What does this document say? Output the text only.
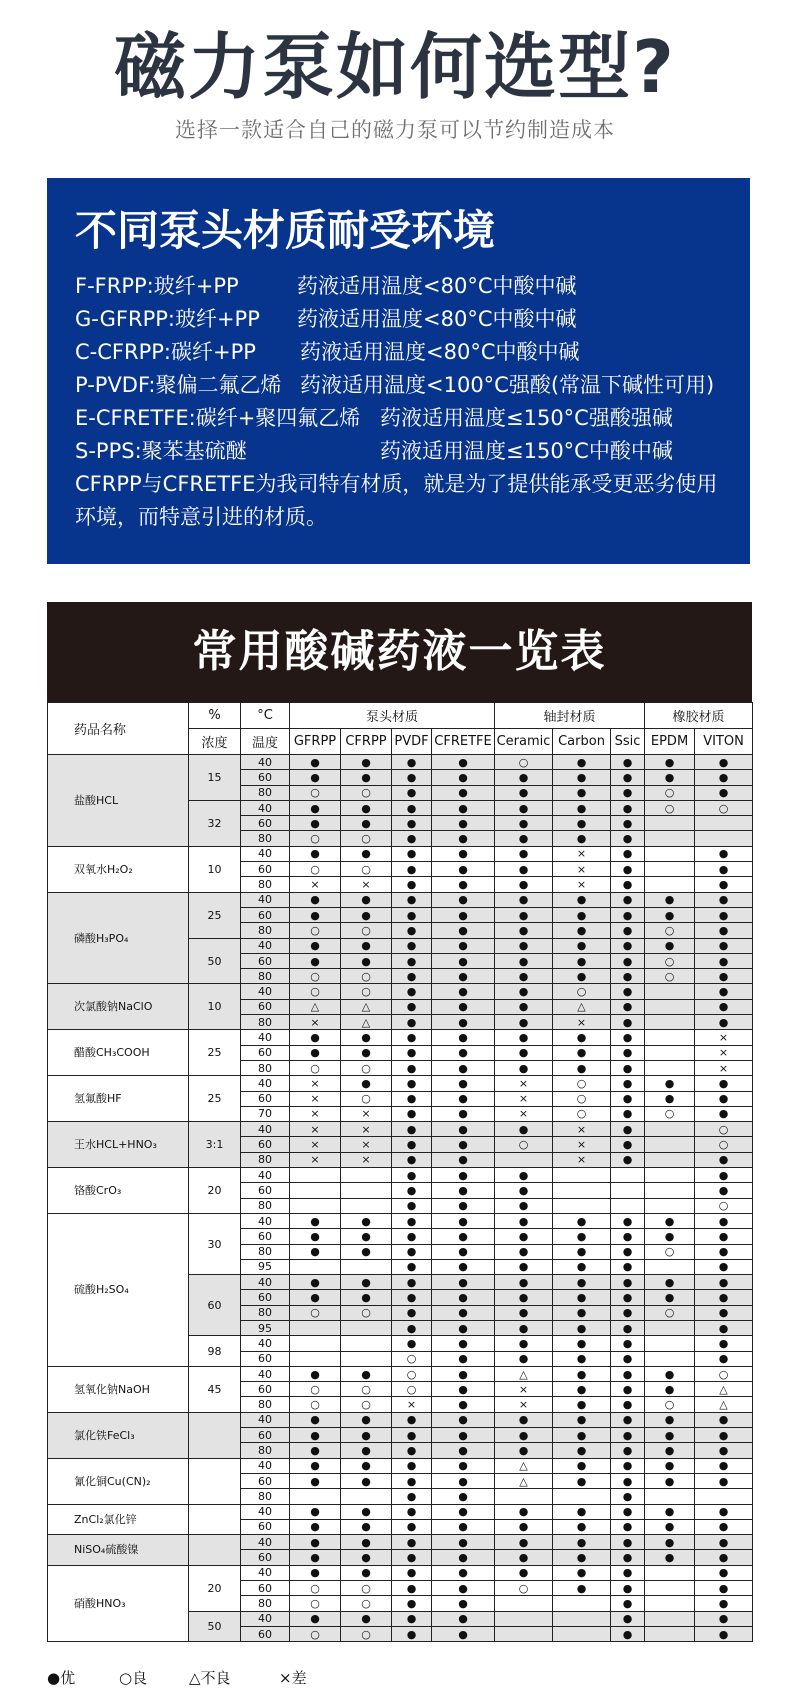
磁力泵如何选型?
选择一款适合自己的磁力泵可以节约制造成本
不同泵头材质耐受环境
F-FRPP:玻纤+PP	药液适用温度<80°C中酸中碱
G-GFRPP:玻纤+PP 药液适用温度<80°C中酸中碱
C-CFRPP:碳纤+PP 药液适用温度<80°C中酸中碱
P-PVDF:聚偏二氟乙烯 药液适用温度<100°C强酸(常温下碱性可用)
E-CFRETFE:碳纤+聚四氟乙烯 药液适用温度≤150°C强酸强碱
S-PPS:聚苯基硫醚	药液适用温度≤150°C中酸中碱
CFRPP与CFRETFE为我司特有材质，就是为了提供能承受更恶劣使用环境，而特意引进的材质。
常用酸碱药液一览表
药品名称	%	°C	泵头材质				轴封材质			橡胶材质	
	浓度	温度	GFRPP	CFRPP	PVDF	CFRETFE	Ceramic	Carbon	Ssic	EPDM	VITON
盐酸HCL	15	40	●	●	●	●	○	●	●	●	●
		60	●	●	●	●	●	●	●	●	●
		80	○	○	●	●	●	●	●	○	●
	32	40	●	●	●	●	●	●	●	○	○
		60	●	●	●	●	●	●	●		
		80	○	○	●	●	●	●	●		
双氧水H₂O₂	10	40	●	●	●	●	●	×	●		●
		60	○	○	●	●	●	×	●		●
		80	×	×	●	●	●	×	●		●
磷酸H₃PO₄	25	40	●	●	●	●	●	●	●	●	●
		60	●	●	●	●	●	●	●	●	●
		80	○	○	●	●	●	●	●	○	●
	50	40	●	●	●	●	●	●	●	●	●
		60	●	●	●	●	●	●	●	○	●
		80	○	○	●	●	●	●	●	○	●
次氯酸钠NaClO	10	40	○	○	●	●	●	○	●		●
		60	△	△	●	●	●	△	●		●
		80	×	△	●	●	●	×	●		●
醋酸CH₃COOH	25	40	●	●	●	●	●	●	●		×
		60	●	●	●	●	●	●	●		×
		80	○	○	●	●	●	●	●		×
氢氟酸HF	25	40	×	●	●	●	×	○	●	●	●
		60	×	○	●	●	×	○	●	●	●
		70	×	×	●	●	×	○	●	○	●
王水HCL+HNO₃	3:1	40	×	×	●	●	●	×	●		○
		60	×	×	●	●	○	×	●		○
		80	×	×	●	●		×	●		●
铬酸CrO₃	20	40			●	●	●				●
		60			●	●	●				●
		80			●	●	●				○
硫酸H₂SO₄	30	40	●	●	●	●	●	●	●	●	●
		60	●	●	●	●	●	●	●	●	●
		80	●	●	●	●	●	●	●	○	●
		95			●	●	●	●	●		●
	60	40	●	●	●	●	●	●	●	●	●
		60	●	●	●	●	●	●	●	●	●
		80	○	○	●	●	●	●	●	○	●
		95			●	●	●	●	●		●
	98	40			●	●	●	●	●		●
		60			○	●	●	●	●		●
氢氧化钠NaOH	45	40	●	●	○	●	△	●	●	●	○
		60	○	○	○	●	×	●	●	●	△
		80	○	○	×	●	×	●	●	○	△
氯化铁FeCl₃		40	●	●	●	●	●	●	●	●	●
		60	●	●	●	●	●	●	●	●	●
		80	●	●	●	●	●	●	●	●	●
氰化铜Cu(CN)₂		40	●	●	●	●	△	●	●	●	●
		60	●	●	●	●	△	●	●	●	●
		80			●	●			●		
ZnCl₂氯化锌		40	●	●	●	●	●	●	●	●	●
		60	●	●	●	●	●	●	●	●	●
NiSO₄硫酸镍		40	●	●	●	●	●	●	●	●	●
		60	●	●	●	●	●	●	●	●	●
硝酸HNO₃	20	40	●	●	●	●	●	●	●		●
		60	○	○	●	●	○	●	●		●
		80	○	○	●	●			●		●
	50	40	●	●	●	●			●		●
		60	○	○	●	●			●		●
●优	○良	△不良	×差
